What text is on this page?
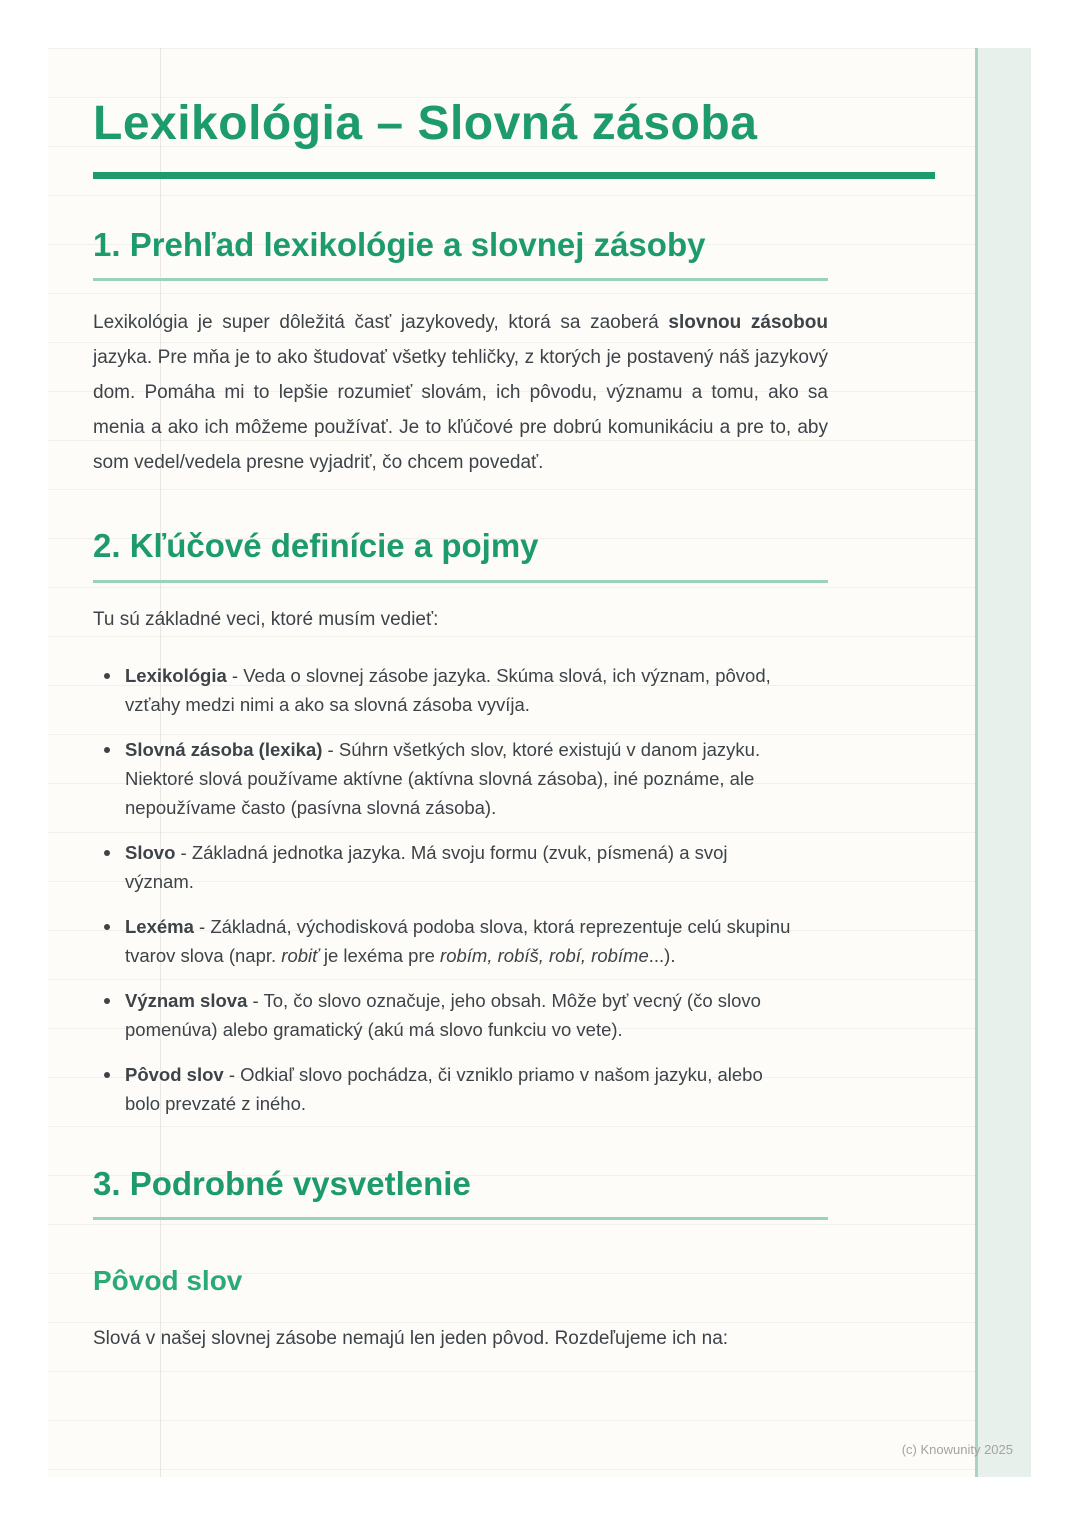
Lexikológia – Slovná zásoba
1. Prehľad lexikológie a slovnej zásoby

Lexikológia je super dôležitá časť jazykovedy, ktorá sa zaoberá slovnou zásobou jazyka. Pre mňa je to ako študovať všetky tehličky, z ktorých je postavený náš jazykový dom. Pomáha mi to lepšie rozumieť slovám, ich pôvodu, významu a tomu, ako sa menia a ako ich môžeme používať. Je to kľúčové pre dobrú komunikáciu a pre to, aby som vedel/vedela presne vyjadriť, čo chcem povedať.

2. Kľúčové definície a pojmy

Tu sú základné veci, ktoré musím vedieť:

Lexikológia - Veda o slovnej zásobe jazyka. Skúma slová, ich význam, pôvod, vzťahy medzi nimi a ako sa slovná zásoba vyvíja.
Slovná zásoba (lexika) - Súhrn všetkých slov, ktoré existujú v danom jazyku. Niektoré slová používame aktívne (aktívna slovná zásoba), iné poznáme, ale nepoužívame často (pasívna slovná zásoba).
Slovo - Základná jednotka jazyka. Má svoju formu (zvuk, písmená) a svoj význam.
Lexéma - Základná, východisková podoba slova, ktorá reprezentuje celú skupinu tvarov slova (napr. robiť je lexéma pre robím, robíš, robí, robíme...).
Význam slova - To, čo slovo označuje, jeho obsah. Môže byť vecný (čo slovo pomenúva) alebo gramatický (akú má slovo funkciu vo vete).
Pôvod slov - Odkiaľ slovo pochádza, či vzniklo priamo v našom jazyku, alebo bolo prevzaté z iného.
3. Podrobné vysvetlenie
Pôvod slov

Slová v našej slovnej zásobe nemajú len jeden pôvod. Rozdeľujeme ich na:

(c) Knowunity 2025
